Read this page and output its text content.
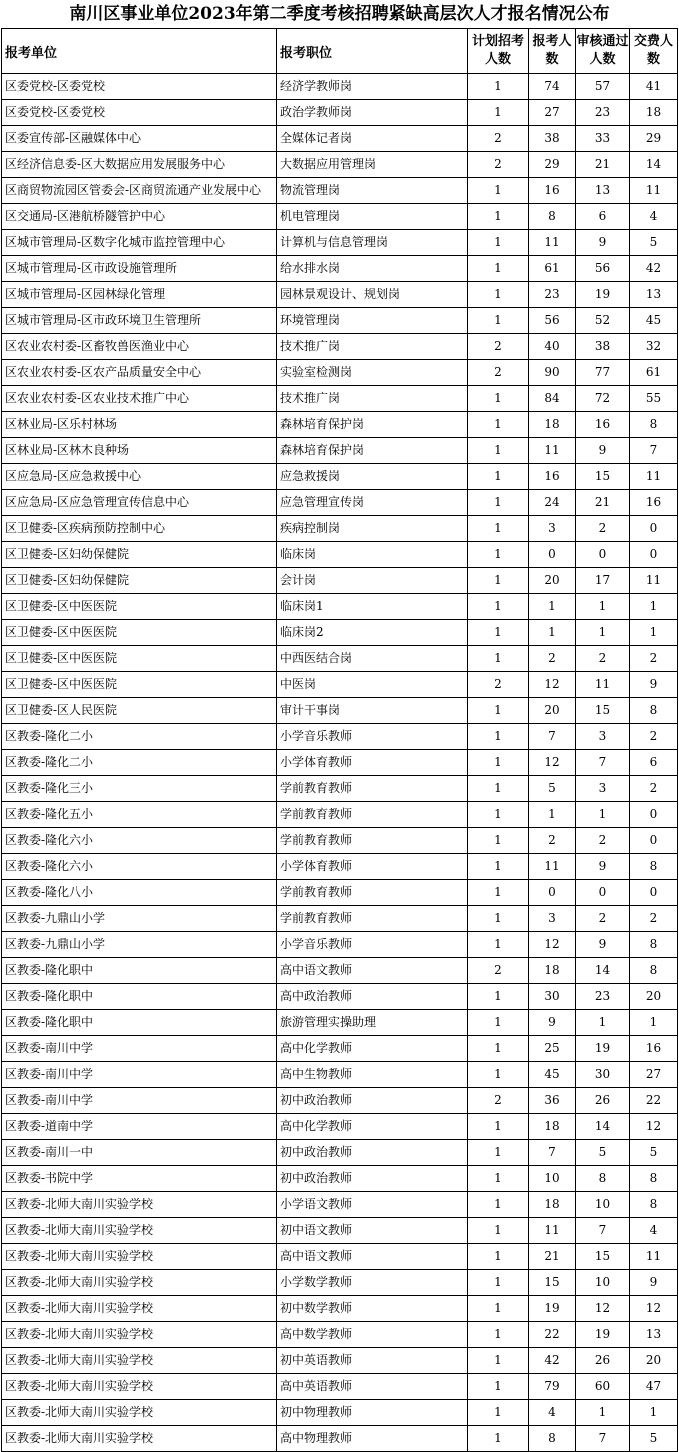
南川区事业单位2023年第二季度考核招聘紧缺高层次人才报名情况公布
报考单位	报考职位	计划招考人数	报考人数	审核通过人数	交费人数
区委党校-区委党校	经济学教师岗	1	74	57	41
区委党校-区委党校	政治学教师岗	1	27	23	18
区委宣传部-区融媒体中心	全媒体记者岗	2	38	33	29
区经济信息委-区大数据应用发展服务中心	大数据应用管理岗	2	29	21	14
区商贸物流园区管委会-区商贸流通产业发展中心	物流管理岗	1	16	13	11
区交通局-区港航桥隧管护中心	机电管理岗	1	8	6	4
区城市管理局-区数字化城市监控管理中心	计算机与信息管理岗	1	11	9	5
区城市管理局-区市政设施管理所	给水排水岗	1	61	56	42
区城市管理局-区园林绿化管理	园林景观设计、规划岗	1	23	19	13
区城市管理局-区市政环境卫生管理所	环境管理岗	1	56	52	45
区农业农村委-区畜牧兽医渔业中心	技术推广岗	2	40	38	32
区农业农村委-区农产品质量安全中心	实验室检测岗	2	90	77	61
区农业农村委-区农业技术推广中心	技术推广岗	1	84	72	55
区林业局-区乐村林场	森林培育保护岗	1	18	16	8
区林业局-区林木良种场	森林培育保护岗	1	11	9	7
区应急局-区应急救援中心	应急救援岗	1	16	15	11
区应急局-区应急管理宣传信息中心	应急管理宣传岗	1	24	21	16
区卫健委-区疾病预防控制中心	疾病控制岗	1	3	2	0
区卫健委-区妇幼保健院	临床岗	1	0	0	0
区卫健委-区妇幼保健院	会计岗	1	20	17	11
区卫健委-区中医医院	临床岗1	1	1	1	1
区卫健委-区中医医院	临床岗2	1	1	1	1
区卫健委-区中医医院	中西医结合岗	1	2	2	2
区卫健委-区中医医院	中医岗	2	12	11	9
区卫健委-区人民医院	审计干事岗	1	20	15	8
区教委-隆化二小	小学音乐教师	1	7	3	2
区教委-隆化二小	小学体育教师	1	12	7	6
区教委-隆化三小	学前教育教师	1	5	3	2
区教委-隆化五小	学前教育教师	1	1	1	0
区教委-隆化六小	学前教育教师	1	2	2	0
区教委-隆化六小	小学体育教师	1	11	9	8
区教委-隆化八小	学前教育教师	1	0	0	0
区教委-九鼎山小学	学前教育教师	1	3	2	2
区教委-九鼎山小学	小学音乐教师	1	12	9	8
区教委-隆化职中	高中语文教师	2	18	14	8
区教委-隆化职中	高中政治教师	1	30	23	20
区教委-隆化职中	旅游管理实操助理	1	9	1	1
区教委-南川中学	高中化学教师	1	25	19	16
区教委-南川中学	高中生物教师	1	45	30	27
区教委-南川中学	初中政治教师	2	36	26	22
区教委-道南中学	高中化学教师	1	18	14	12
区教委-南川一中	初中政治教师	1	7	5	5
区教委-书院中学	初中政治教师	1	10	8	8
区教委-北师大南川实验学校	小学语文教师	1	18	10	8
区教委-北师大南川实验学校	初中语文教师	1	11	7	4
区教委-北师大南川实验学校	高中语文教师	1	21	15	11
区教委-北师大南川实验学校	小学数学教师	1	15	10	9
区教委-北师大南川实验学校	初中数学教师	1	19	12	12
区教委-北师大南川实验学校	高中数学教师	1	22	19	13
区教委-北师大南川实验学校	初中英语教师	1	42	26	20
区教委-北师大南川实验学校	高中英语教师	1	79	60	47
区教委-北师大南川实验学校	初中物理教师	1	4	1	1
区教委-北师大南川实验学校	高中物理教师	1	8	7	5
